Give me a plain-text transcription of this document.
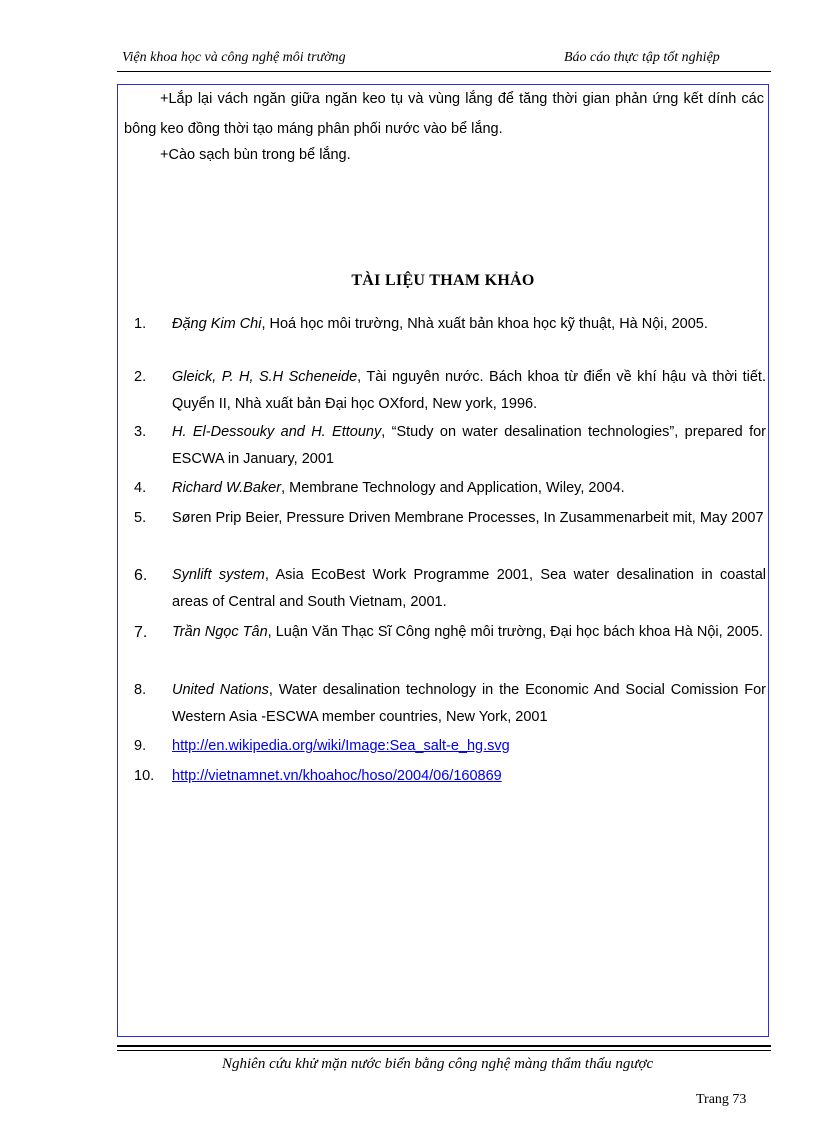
Viện khoa học và công nghệ môi trường	Báo cáo thực tập tốt nghiệp
+Lắp lại vách ngăn giữa ngăn keo tụ và vùng lắng để tăng thời gian phản ứng kết dính các bông keo đồng thời tạo máng phân phối nước vào bể lắng.
+Cào sạch bùn trong bể lắng.
TÀI LIỆU THAM KHẢO
1. Đặng Kim Chi, Hoá học môi trường, Nhà xuất bản khoa học kỹ thuật, Hà Nội, 2005.
2. Gleick, P. H, S.H Scheneide, Tài nguyên nước. Bách khoa từ điển về khí hậu và thời tiết. Quyển II, Nhà xuất bản Đại học OXford, New york, 1996.
3. H. El-Dessouky and H. Ettouny, “Study on water desalination technologies”, prepared for ESCWA in January, 2001
4. Richard W.Baker, Membrane Technology and Application, Wiley, 2004.
5. Søren Prip Beier, Pressure Driven Membrane Processes, In Zusammenarbeit mit, May 2007
6. Synlift system, Asia EcoBest Work Programme 2001, Sea water desalination in coastal areas of Central and South Vietnam, 2001.
7. Trần Ngọc Tân, Luận Văn Thạc Sĩ Công nghệ môi trường, Đại học bách khoa Hà Nội, 2005.
8. United Nations, Water desalination technology in the Economic And Social Comission For Western Asia -ESCWA member countries, New York, 2001
9. http://en.wikipedia.org/wiki/Image:Sea_salt-e_hg.svg
10. http://vietnamnet.vn/khoahoc/hoso/2004/06/160869
Nghiên cứu khử mặn nước biển bằng công nghệ màng thẩm thấu ngược
Trang 73
